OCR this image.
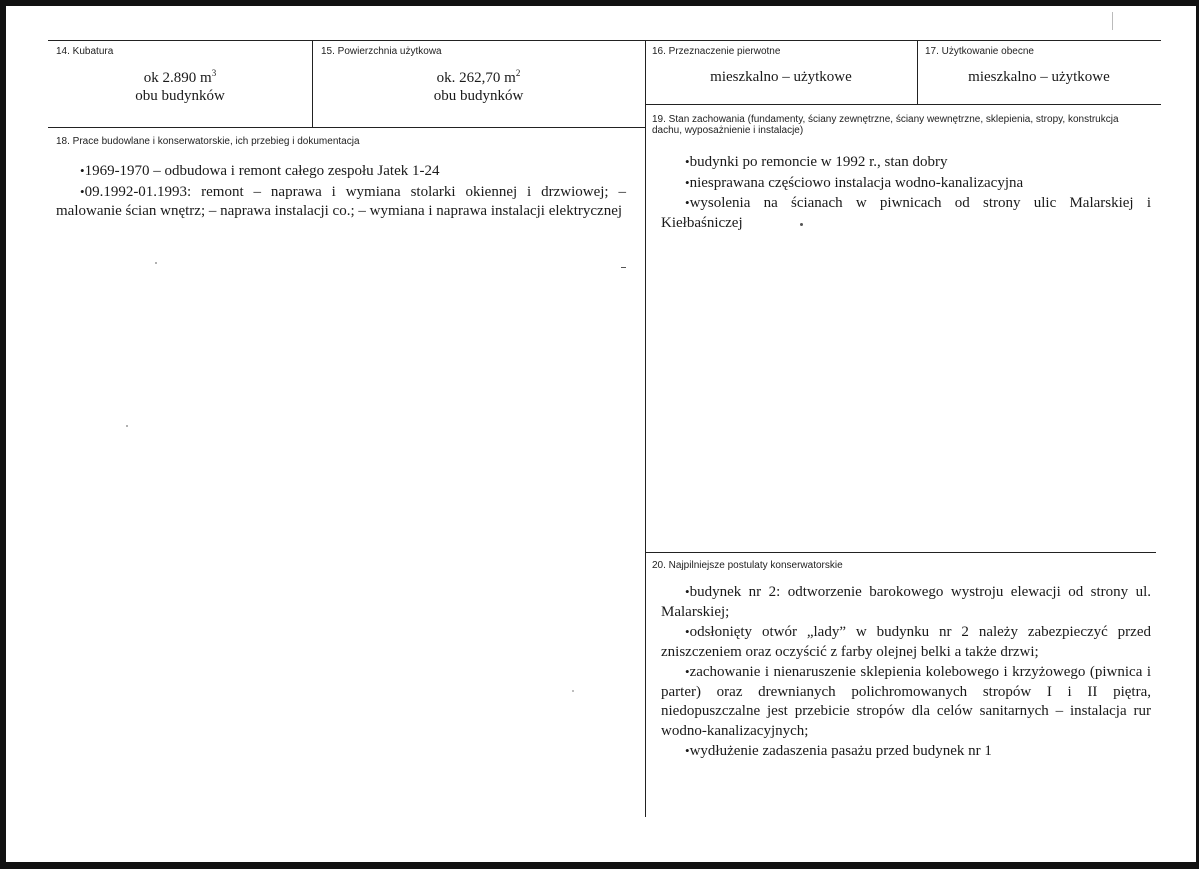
14. Kubatura
ok 2.890 $m^3$
obu budynków
15. Powierzchnia użytkowa
ok. 262,70 $m^2$
obu budynków
16. Przeznaczenie pierwotne
mieszkalno – użytkowe
17. Użytkowanie obecne
mieszkalno – użytkowe
18. Prace budowlane i konserwatorskie, ich przebieg i dokumentacja

•1969-1970 – odbudowa i remont całego zespołu Jatek 1-24

•09.1992-01.1993: remont – naprawa i wymiana stolarki okiennej i drzwiowej; – malowanie ścian wnętrz; – naprawa instalacji co.; – wymiana i naprawa instalacji elektrycznej

19. Stan zachowania (fundamenty, ściany zewnętrzne, ściany wewnętrzne, sklepienia, stropy, konstrukcja dachu, wyposażnienie i instalacje)

•budynki po remoncie w 1992 r., stan dobry

•niesprawana częściowo instalacja wodno-kanalizacyjna

•wysolenia na ścianach w piwnicach od strony ulic Malarskiej i Kiełbaśniczej

20. Najpilniejsze postulaty konserwatorskie

•budynek nr 2: odtworzenie barokowego wystroju elewacji od strony ul. Malarskiej;

•odsłonięty otwór „lady” w budynku nr 2 należy zabezpieczyć przed zniszczeniem oraz oczyścić z farby olejnej belki a także drzwi;

•zachowanie i nienaruszenie sklepienia kolebowego i krzyżowego (piwnica i parter) oraz drewnianych polichromowanych stropów I i II piętra, niedopuszczalne jest przebicie stropów dla celów sanitarnych – instalacja rur wodno-kanalizacyjnych;

•wydłużenie zadaszenia pasażu przed budynek nr 1
